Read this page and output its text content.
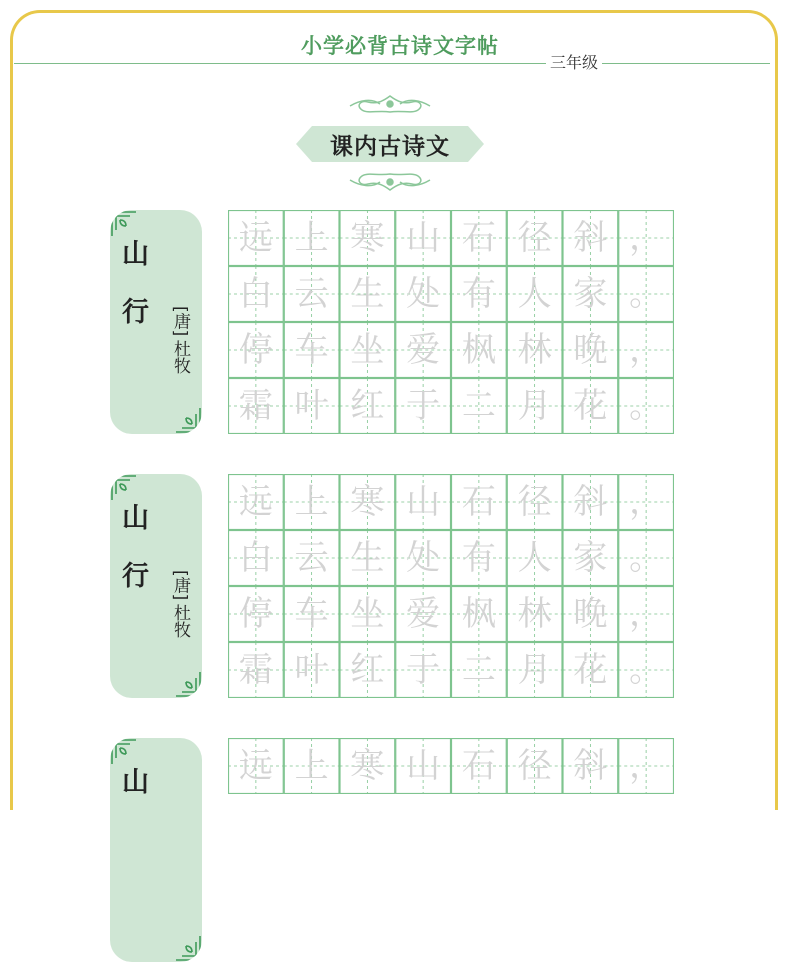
小学必背古诗文字帖
三年级
课内古诗文
山
行 [唐]
杜牧
远 上 寒 山 石 径 斜 ，
白 云 生 处 有 人 家 。
停 车 坐 爱 枫 林 晚 ，
霜 叶 红 于 二 月 花 。
山
行 [唐]
杜牧
远 上 寒 山 石 径 斜 ，
白 云 生 处 有 人 家 。
停 车 坐 爱 枫 林 晚 ，
霜 叶 红 于 二 月 花 。
山	远 上 寒 山 石 径 斜 ，
